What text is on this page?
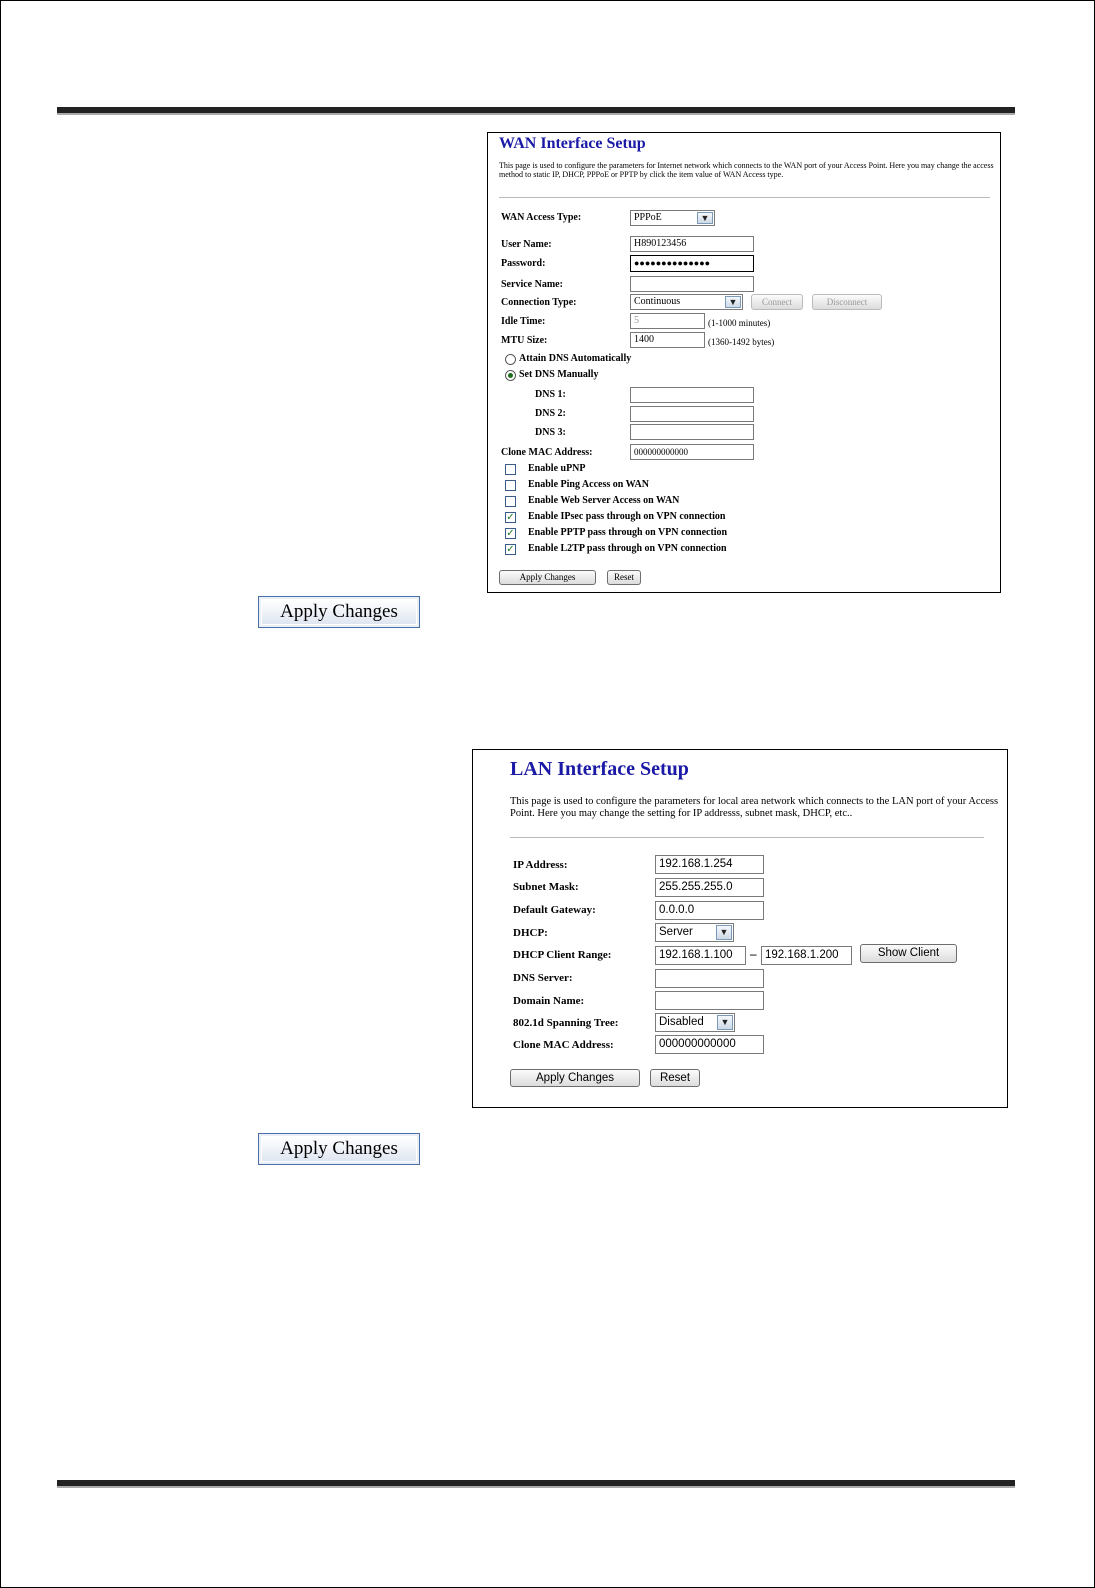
WAN Interface Setup
This page is used to configure the parameters for Internet network which connects to the WAN port of your Access Point. Here you may change the access method to static IP, DHCP, PPPoE or PPTP by click the item value of WAN Access type.
WAN Access Type:	PPPoE	▼
User Name:	H890123456
Password:	●●●●●●●●●●●●●●
Service Name:
Connection Type:	Continuous	▼	Connect	Disconnect
Idle Time:	5	(1-1000 minutes)
MTU Size:	1400	(1360-1492 bytes)
Attain DNS Automatically
Set DNS Manually
DNS 1:
DNS 2:
DNS 3:
Clone MAC Address:	000000000000
Enable uPNP
Enable Ping Access on WAN
Enable Web Server Access on WAN
✓ Enable IPsec pass through on VPN connection
✓ Enable PPTP pass through on VPN connection
✓ Enable L2TP pass through on VPN connection
Apply Changes	Reset
Apply Changes
LAN Interface Setup
This page is used to configure the parameters for local area network which connects to the LAN port of your Access Point. Here you may change the setting for IP addresss, subnet mask, DHCP, etc..
IP Address:	192.168.1.254
Subnet Mask:	255.255.255.0
Default Gateway:	0.0.0.0
DHCP:	Server	▼
DHCP Client Range:	192.168.1.100	– 192.168.1.200	Show Client
DNS Server:
Domain Name:
802.1d Spanning Tree:	Disabled	▼
Clone MAC Address:	000000000000
Apply Changes	Reset
Apply Changes
